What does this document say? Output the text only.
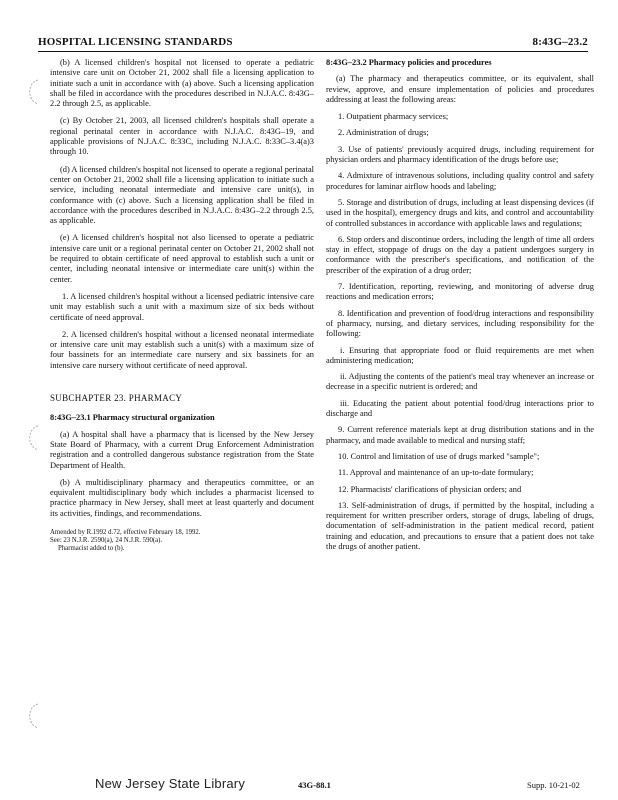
HOSPITAL LICENSING STANDARDS	8:43G–23.2

(b) A licensed children's hospital not licensed to operate a pediatric intensive care unit on October 21, 2002 shall file a licensing application to initiate such a unit in accordance with (a) above. Such a licensing application shall be filed in accordance with the procedures described in N.J.A.C. 8:43G–2.2 through 2.5, as applicable.

(c) By October 21, 2003, all licensed children's hospitals shall operate a regional perinatal center in accordance with N.J.A.C. 8:43G–19, and applicable provisions of N.J.A.C. 8:33C, including N.J.A.C. 8:33C–3.4(a)3 through 10.

(d) A licensed children's hospital not licensed to operate a regional perinatal center on October 21, 2002 shall file a licensing application to initiate such a service, including neonatal intermediate and intensive care unit(s), in conformance with (c) above. Such a licensing application shall be filed in accordance with the procedures described in N.J.A.C. 8:43G–2.2 through 2.5, as applicable.

(e) A licensed children's hospital not also licensed to operate a pediatric intensive care unit or a regional perinatal center on October 21, 2002 shall not be required to obtain certificate of need approval to establish such a unit or center, including neonatal intensive or intermediate care unit(s) within the center.

1. A licensed children's hospital without a licensed pediatric intensive care unit may establish such a unit with a maximum size of six beds without certificate of need approval.

2. A licensed children's hospital without a licensed neonatal intermediate or intensive care unit may establish such a unit(s) with a maximum size of four bassinets for an intermediate care nursery and six bassinets for an intensive care nursery without certificate of need approval.

SUBCHAPTER 23. PHARMACY
8:43G–23.1 Pharmacy structural organization

(a) A hospital shall have a pharmacy that is licensed by the New Jersey State Board of Pharmacy, with a current Drug Enforcement Administration registration and a controlled dangerous substance registration from the State Department of Health.

(b) A multidisciplinary pharmacy and therapeutics committee, or an equivalent multidisciplinary body which includes a pharmacist licensed to practice pharmacy in New Jersey, shall meet at least quarterly and document its activities, findings, and recommendations.

Amended by R.1992 d.72, effective February 18, 1992.
See: 23 N.J.R. 2590(a), 24 N.J.R. 590(a).
Pharmacist added to (b).
8:43G–23.2 Pharmacy policies and procedures

(a) The pharmacy and therapeutics committee, or its equivalent, shall review, approve, and ensure implementation of policies and procedures addressing at least the following areas:

1. Outpatient pharmacy services;

2. Administration of drugs;

3. Use of patients' previously acquired drugs, including requirement for physician orders and pharmacy identification of the drugs before use;

4. Admixture of intravenous solutions, including quality control and safety procedures for laminar airflow hoods and labeling;

5. Storage and distribution of drugs, including at least dispensing devices (if used in the hospital), emergency drugs and kits, and control and accountability of controlled substances in accordance with applicable laws and regulations;

6. Stop orders and discontinue orders, including the length of time all orders stay in effect, stoppage of drugs on the day a patient undergoes surgery in conformance with the prescriber's specifications, and notification of the prescriber of the expiration of a drug order;

7. Identification, reporting, reviewing, and monitoring of adverse drug reactions and medication errors;

8. Identification and prevention of food/drug interactions and responsibility of pharmacy, nursing, and dietary services, including responsibility for the following:

i. Ensuring that appropriate food or fluid requirements are met when administering medication;

ii. Adjusting the contents of the patient's meal tray whenever an increase or decrease in a specific nutrient is ordered; and

iii. Educating the patient about potential food/drug interactions prior to discharge and

9. Current reference materials kept at drug distribution stations and in the pharmacy, and made available to medical and nursing staff;

10. Control and limitation of use of drugs marked "sample";

11. Approval and maintenance of an up-to-date formulary;

12. Pharmacists' clarifications of physician orders; and

13. Self-administration of drugs, if permitted by the hospital, including a requirement for written prescriber orders, storage of drugs, labeling of drugs, documentation of self-administration in the patient medical record, patient training and education, and precautions to ensure that a patient does not take the drugs of another patient.

New Jersey State Library	43G-88.1	Supp. 10-21-02
